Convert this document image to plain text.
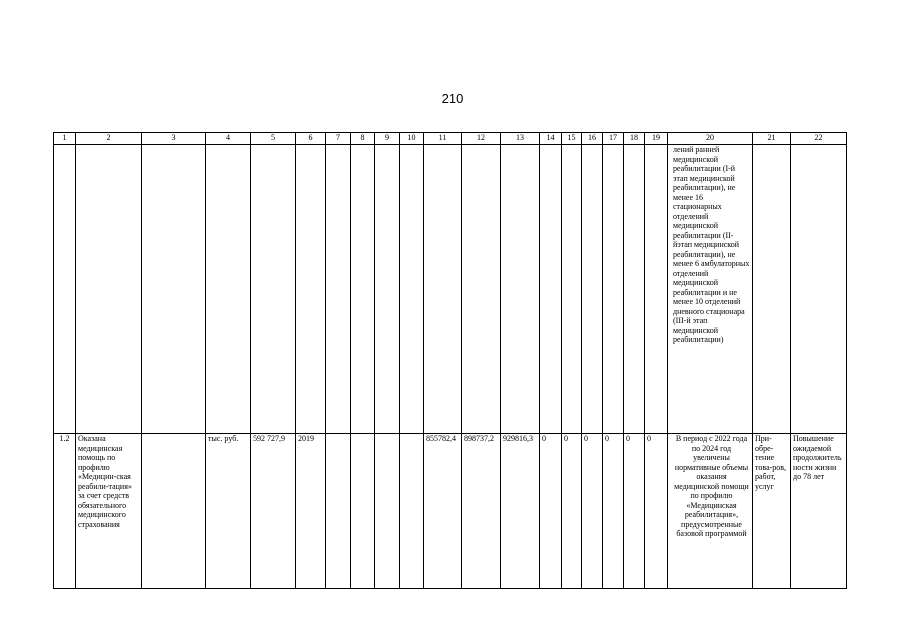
210
1	2	3	4	5	6	7	8	9	10	11	12	13	14	15	16	17	18	19	20	21	22
																			лений ранней медицинской реабилитации (I-й этап медицинской реабилитации), не менее 16 стационарных отделений медицинской реабилитации (II-йэтап медицинской реабилитации), не менее 6 амбулаторных отделений медицинской реабилитации и не менее 10 отделений дневного стационара (III-й этап медицинской реабилитации)		
1.2	Оказана медицинская помощь по профилю «Медицин-ская реабили-тация» за счет средств обязательного медицинского страхования		тыс. руб.	592 727,9	2019					855782,4	898737,2	929816,3	0	0	0	0	0	0	В период с 2022 года по 2024 год увеличены нормативные объемы оказания медицинской помощи по профилю «Медицинская реабилитация», предусмотренные базовой программой	При-обре-тение това-ров, работ, услуг	Повышение ожидаемой продолжитель ности жизни до 78 лет
